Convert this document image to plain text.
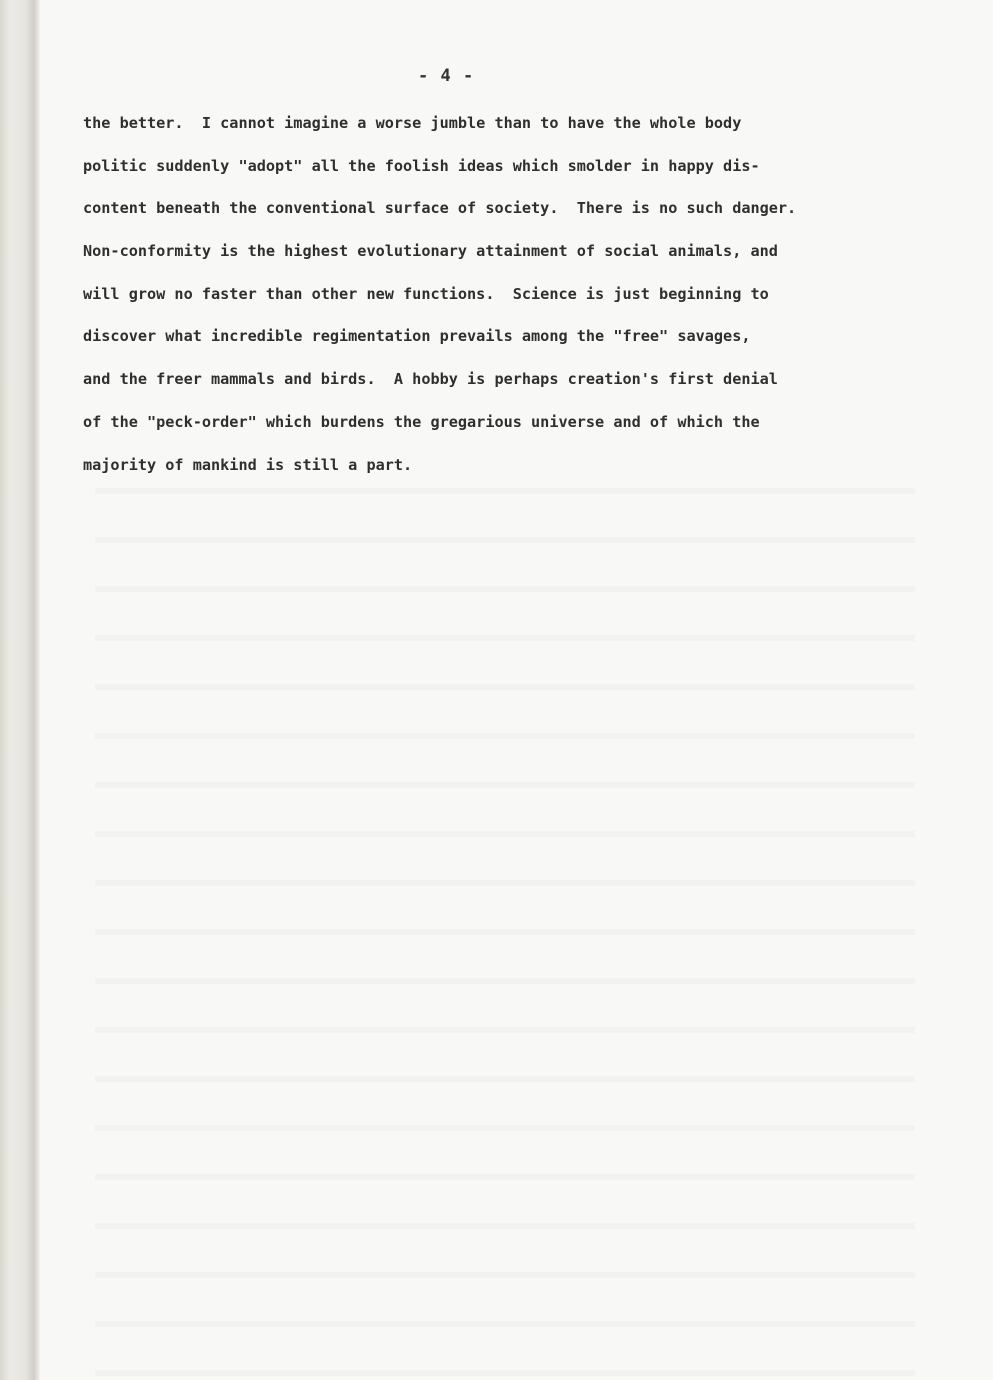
- 4 -
the better.  I cannot imagine a worse jumble than to have the whole body
politic suddenly "adopt" all the foolish ideas which smolder in happy dis-
content beneath the conventional surface of society.  There is no such danger.
Non-conformity is the highest evolutionary attainment of social animals, and
will grow no faster than other new functions.  Science is just beginning to
discover what incredible regimentation prevails among the "free" savages,
and the freer mammals and birds.  A hobby is perhaps creation's first denial
of the "peck-order" which burdens the gregarious universe and of which the
majority of mankind is still a part.
